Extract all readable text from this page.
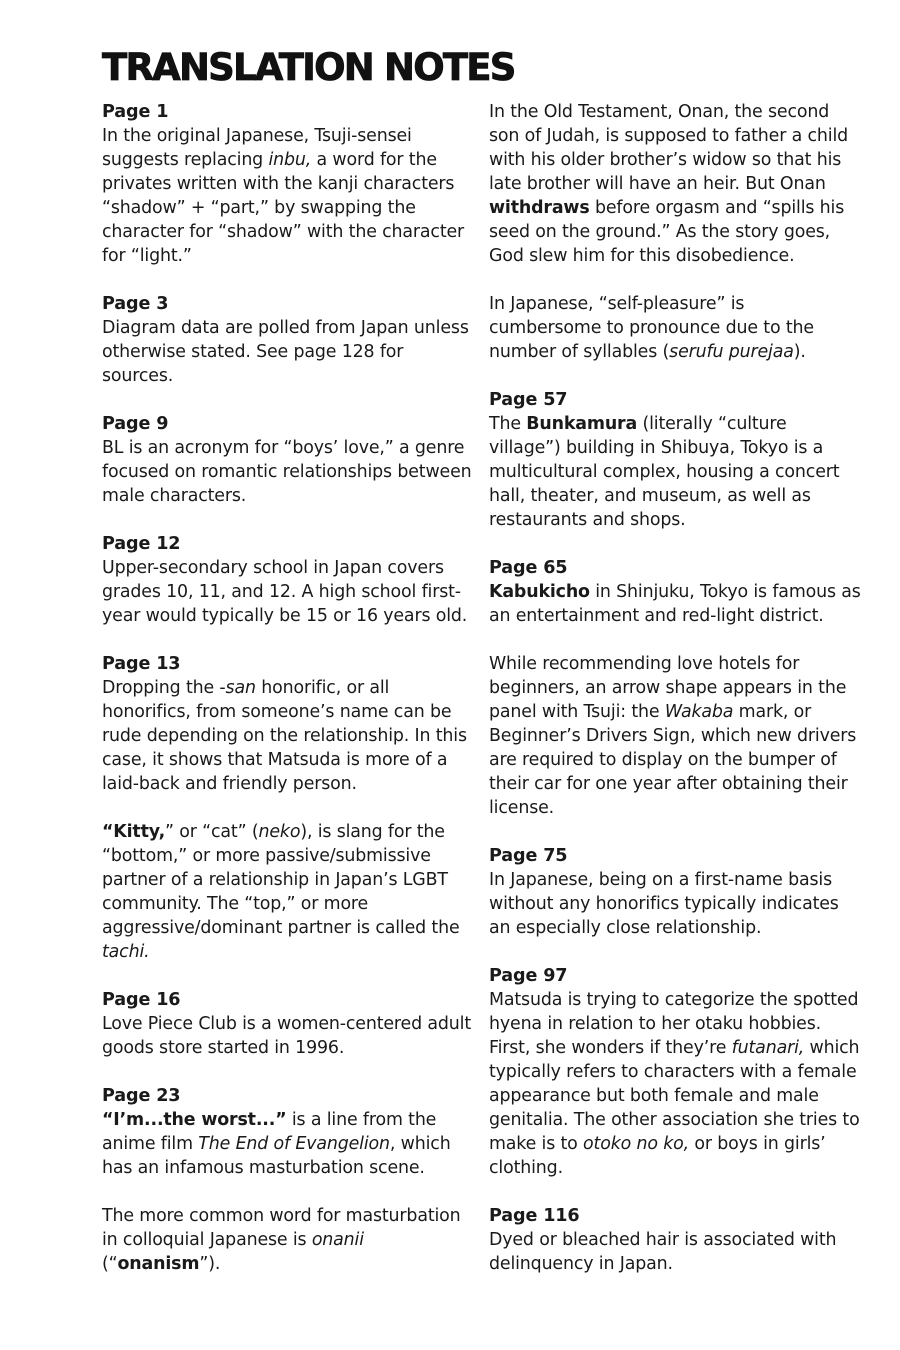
TRANSLATION NOTES
Page 1

In the original Japanese, Tsuji-sensei suggests replacing inbu, a word for the privates written with the kanji characters “shadow” + “part,” by swapping the character for “shadow” with the character for “light.”

Page 3

Diagram data are polled from Japan unless otherwise stated. See page 128 for sources.

Page 9

BL is an acronym for “boys’ love,” a genre focused on romantic relationships between male characters.

Page 12

Upper-secondary school in Japan covers grades 10, 11, and 12. A high school first-year would typically be 15 or 16 years old.

Page 13

Dropping the -san honorific, or all honorifics, from someone’s name can be rude depending on the relationship. In this case, it shows that Matsuda is more of a laid-back and friendly person.

“Kitty,” or “cat” (neko), is slang for the “bottom,” or more passive/submissive partner of a relationship in Japan’s LGBT community. The “top,” or more aggressive/dominant partner is called the tachi.

Page 16

Love Piece Club is a women-centered adult goods store started in 1996.

Page 23

“I’m...the worst...” is a line from the anime film The End of Evangelion, which has an infamous masturbation scene.

The more common word for masturbation in colloquial Japanese is onanii (“onanism”).

In the Old Testament, Onan, the second son of Judah, is supposed to father a child with his older brother’s widow so that his late brother will have an heir. But Onan withdraws before orgasm and “spills his seed on the ground.” As the story goes, God slew him for this disobedience.

In Japanese, “self-pleasure” is cumbersome to pronounce due to the number of syllables (serufu purejaa).

Page 57

The Bunkamura (literally “culture village”) building in Shibuya, Tokyo is a multicultural complex, housing a concert hall, theater, and museum, as well as restaurants and shops.

Page 65

Kabukicho in Shinjuku, Tokyo is famous as an entertainment and red-light district.

While recommending love hotels for beginners, an arrow shape appears in the panel with Tsuji: the Wakaba mark, or Beginner’s Drivers Sign, which new drivers are required to display on the bumper of their car for one year after obtaining their license.

Page 75

In Japanese, being on a first-name basis without any honorifics typically indicates an especially close relationship.

Page 97

Matsuda is trying to categorize the spotted hyena in relation to her otaku hobbies. First, she wonders if they’re futanari, which typically refers to characters with a female appearance but both female and male genitalia. The other association she tries to make is to otoko no ko, or boys in girls’ clothing.

Page 116

Dyed or bleached hair is associated with delinquency in Japan.
